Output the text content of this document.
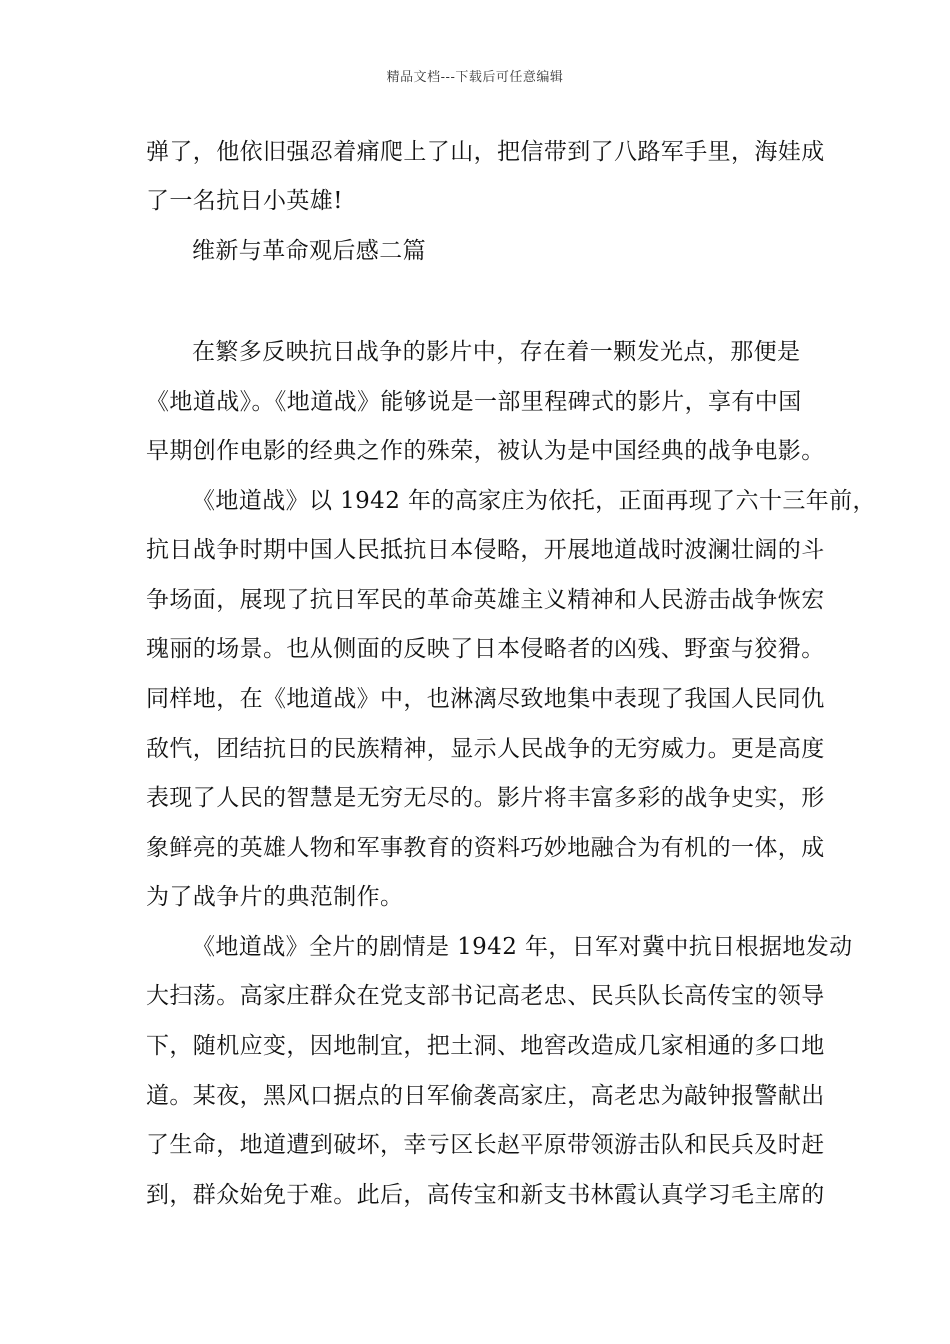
精品文档---下载后可任意编辑
弹了，他依旧强忍着痛爬上了山，把信带到了八路军手里，海娃成
了一名抗日小英雄!
维新与革命观后感二篇
在繁多反映抗日战争的影片中，存在着一颗发光点，那便是
《地道战》。《地道战》能够说是一部里程碑式的影片，享有中国
早期创作电影的经典之作的殊荣，被认为是中国经典的战争电影。
《地道战》以 1942 年的高家庄为依托，正面再现了六十三年前，
抗日战争时期中国人民抵抗日本侵略，开展地道战时波澜壮阔的斗
争场面，展现了抗日军民的革命英雄主义精神和人民游击战争恢宏
瑰丽的场景。也从侧面的反映了日本侵略者的凶残、野蛮与狡猾。
同样地，在《地道战》中，也淋漓尽致地集中表现了我国人民同仇
敌忾，团结抗日的民族精神，显示人民战争的无穷威力。更是高度
表现了人民的智慧是无穷无尽的。影片将丰富多彩的战争史实，形
象鲜亮的英雄人物和军事教育的资料巧妙地融合为有机的一体，成
为了战争片的典范制作。
《地道战》全片的剧情是 1942 年，日军对冀中抗日根据地发动
大扫荡。高家庄群众在党支部书记高老忠、民兵队长高传宝的领导
下，随机应变，因地制宜，把土洞、地窖改造成几家相通的多口地
道。某夜，黑风口据点的日军偷袭高家庄，高老忠为敲钟报警献出
了生命，地道遭到破坏，幸亏区长赵平原带领游击队和民兵及时赶
到，群众始免于难。此后，高传宝和新支书林霞认真学习毛主席的
